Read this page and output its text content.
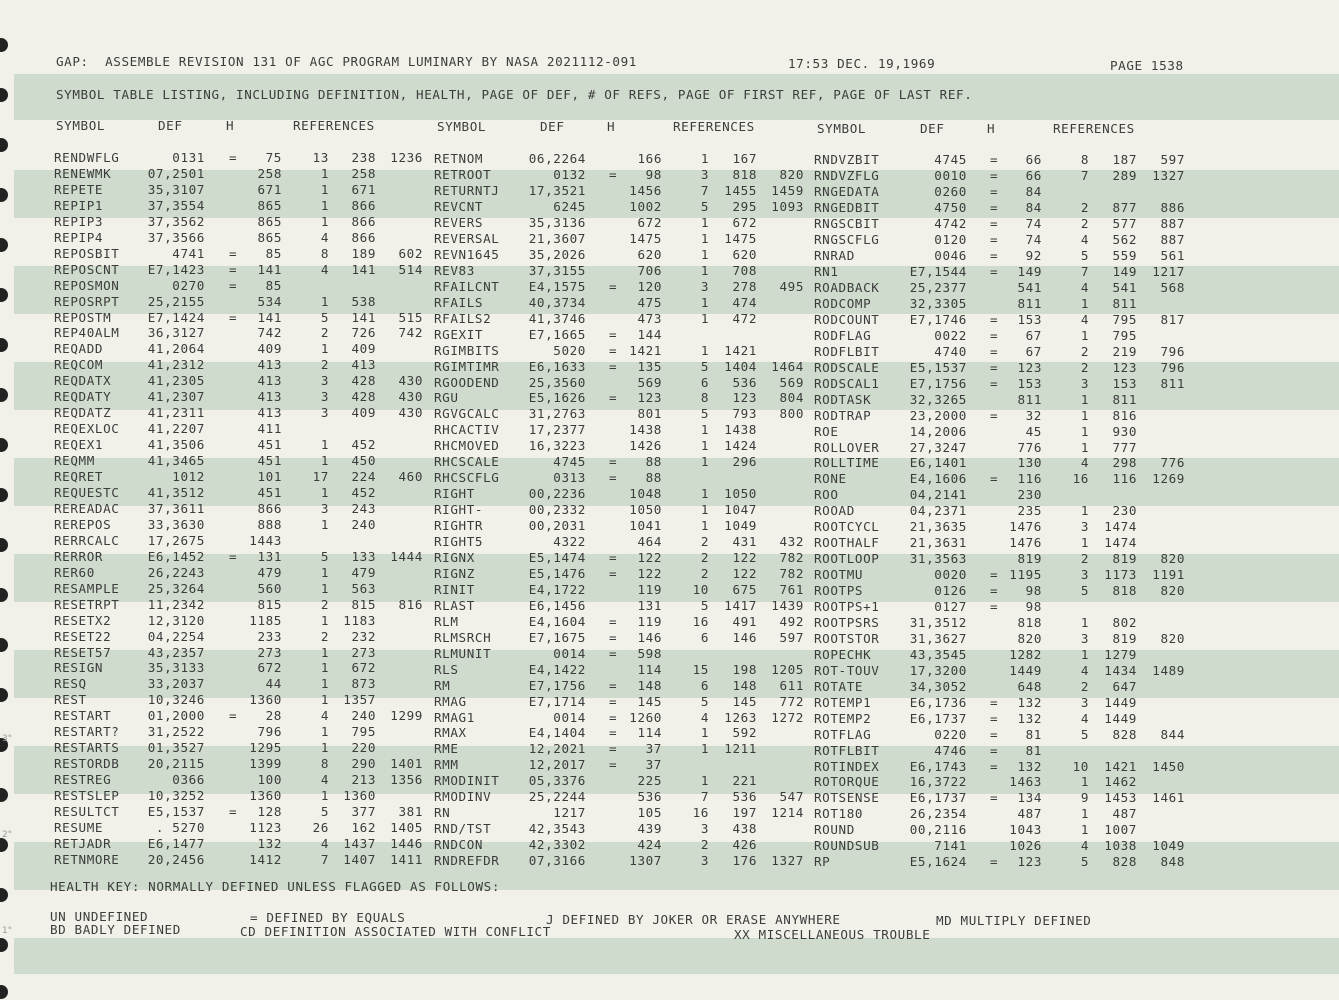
GAP:  ASSEMBLE REVISION 131 OF AGC PROGRAM LUMINARY BY NASA 2021112-091	17:53 DEC. 19,1969	PAGE 1538
SYMBOL TABLE LISTING, INCLUDING DEFINITION, HEALTH, PAGE OF DEF, # OF REFS, PAGE OF FIRST REF, PAGE OF LAST REF.
SYMBOL	DEF	H	REFERENCES	SYMBOL	DEF	H	REFERENCES	SYMBOL	DEF	H	REFERENCES
RENDWFLG	0131 =	75	13	238	1236 RETNOM	06,2264	166	1	167	RNDVZBIT	4745 =	66	8	187	597
RENEWMK	07,2501	258	1	258	RETROOT	0132 =	98	3	818	820 RNDVZFLG	0010 =	66	7	289	1327
REPETE	35,3107	671	1	671	RETURNTJ	17,3521	1456	7	1455	1459 RNGEDATA	0260 =	84
REPIP1	37,3554	865	1	866	REVCNT	6245	1002	5	295	1093 RNGEDBIT	4750 =	84	2	877	886
REPIP3	37,3562	865	1	866	REVERS	35,3136	672	1	672	RNGSCBIT	4742 =	74	2	577	887
REPIP4	37,3566	865	4	866	REVERSAL	21,3607	1475	1	1475	RNGSCFLG	0120 =	74	4	562	887
REPOSBIT	4741 =	85	8	189	602 REVN1645	35,2026	620	1	620	RNRAD	0046 =	92	5	559	561
REPOSCNT	E7,1423 =	141	4	141	514 REV83	37,3155	706	1	708	RN1	E7,1544 =	149	7	149	1217
REPOSMON	0270 =	85	RFAILCNT	E4,1575 =	120	3	278	495 ROADBACK	25,2377	541	4	541	568
REPOSRPT	25,2155	534	1	538	RFAILS	40,3734	475	1	474	RODCOMP	32,3305	811	1	811
REPOSTM	E7,1424 =	141	5	141	515 RFAILS2	41,3746	473	1	472	RODCOUNT	E7,1746 =	153	4	795	817
REP40ALM	36,3127	742	2	726	742 RGEXIT	E7,1665 =	144	RODFLAG	0022 =	67	1	795
REQADD	41,2064	409	1	409	RGIMBITS	5020 = 1421	1	1421	RODFLBIT	4740 =	67	2	219	796
REQCOM	41,2312	413	2	413	RGIMTIMR	E6,1633 =	135	5	1404	1464 RODSCALE	E5,1537 =	123	2	123	796
REQDATX	41,2305	413	3	428	430 RGOODEND	25,3560	569	6	536	569 RODSCAL1	E7,1756 =	153	3	153	811
REQDATY	41,2307	413	3	428	430 RGU	E5,1626 =	123	8	123	804 RODTASK	32,3265	811	1	811
REQDATZ	41,2311	413	3	409	430 RGVGCALC	31,2763	801	5	793	800 RODTRAP	23,2000 =	32	1	816
REQEXLOC	41,2207	411	RHCACTIV	17,2377	1438	1	1438	ROE	14,2006	45	1	930
REQEX1	41,3506	451	1	452	RHCMOVED	16,3223	1426	1	1424	ROLLOVER	27,3247	776	1	777
REQMM	41,3465	451	1	450	RHCSCALE	4745 =	88	1	296	ROLLTIME	E6,1401	130	4	298	776
REQRET	1012	101	17	224	460 RHCSCFLG	0313 =	88	RONE	E4,1606 =	116	16	116	1269
REQUESTC	41,3512	451	1	452	RIGHT	00,2236	1048	1	1050	ROO	04,2141	230
REREADAC	37,3611	866	3	243	RIGHT-	00,2332	1050	1	1047	ROOAD	04,2371	235	1	230
REREPOS	33,3630	888	1	240	RIGHTR	00,2031	1041	1	1049	ROOTCYCL	21,3635	1476	3	1474
RERRCALC	17,2675	1443	RIGHT5	4322	464	2	431	432 ROOTHALF	21,3631	1476	1	1474
RERROR	E6,1452 =	131	5	133	1444 RIGNX	E5,1474 =	122	2	122	782 ROOTLOOP	31,3563	819	2	819	820
RER60	26,2243	479	1	479	RIGNZ	E5,1476 =	122	2	122	782 ROOTMU	0020 = 1195	3	1173	1191
RESAMPLE	25,3264	560	1	563	RINIT	E4,1722	119	10	675	761 ROOTPS	0126 =	98	5	818	820
RESETRPT	11,2342	815	2	815	816 RLAST	E6,1456	131	5	1417	1439 ROOTPS+1	0127 =	98
RESETX2	12,3120	1185	1	1183	RLM	E4,1604 =	119	16	491	492 ROOTPSRS	31,3512	818	1	802
RESET22	04,2254	233	2	232	RLMSRCH	E7,1675 =	146	6	146	597 ROOTSTOR	31,3627	820	3	819	820
RESET57	43,2357	273	1	273	RLMUNIT	0014 =	598	ROPECHK	43,3545	1282	1	1279
RESIGN	35,3133	672	1	672	RLS	E4,1422	114	15	198	1205 ROT-TOUV	17,3200	1449	4	1434	1489
RESQ	33,2037	44	1	873	RM	E7,1756 =	148	6	148	611 ROTATE	34,3052	648	2	647
REST	10,3246	1360	1	1357	RMAG	E7,1714 =	145	5	145	772 ROTEMP1	E6,1736 =	132	3	1449
RESTART	01,2000 =	28	4	240	1299 RMAG1	0014 = 1260	4	1263	1272 ROTEMP2	E6,1737 =	132	4	1449
RESTART?	31,2522	796	1	795	RMAX	E4,1404 =	114	1	592	ROTFLAG	0220 =	81	5	828	844
RESTARTS	01,3527	1295	1	220	RME	12,2021 =	37	1	1211	ROTFLBIT	4746 =	81
RESTORDB	20,2115	1399	8	290	1401 RMM	12,2017 =	37	ROTINDEX	E6,1743 =	132	10	1421	1450
RESTREG	0366	100	4	213	1356 RMODINIT	05,3376	225	1	221	ROTORQUE	16,3722	1463	1	1462
RESTSLEP	10,3252	1360	1	1360	RMODINV	25,2244	536	7	536	547 ROTSENSE	E6,1737 =	134	9	1453	1461
RESULTCT	E5,1537 =	128	5	377	381 RN	1217	105	16	197	1214 ROT180	26,2354	487	1	487
RESUME	. 5270	1123	26	162	1405 RND/TST	42,3543	439	3	438	ROUND	00,2116	1043	1	1007
RETJADR	E6,1477	132	4	1437	1446 RNDCON	42,3302	424	2	426	ROUNDSUB	7141	1026	4	1038	1049
RETNMORE	20,2456	1412	7	1407	1411 RNDREFDR	07,3166	1307	3	176	1327 RP	E5,1624 =	123	5	828	848
HEALTH KEY: NORMALLY DEFINED UNLESS FLAGGED AS FOLLOWS:
UN UNDEFINED
BD BADLY DEFINED
= DEFINED BY EQUALS
CD DEFINITION ASSOCIATED WITH CONFLICT
J DEFINED BY JOKER OR ERASE ANYWHERE
XX MISCELLANEOUS TROUBLE
MD MULTIPLY DEFINED
3"
2"
1"
